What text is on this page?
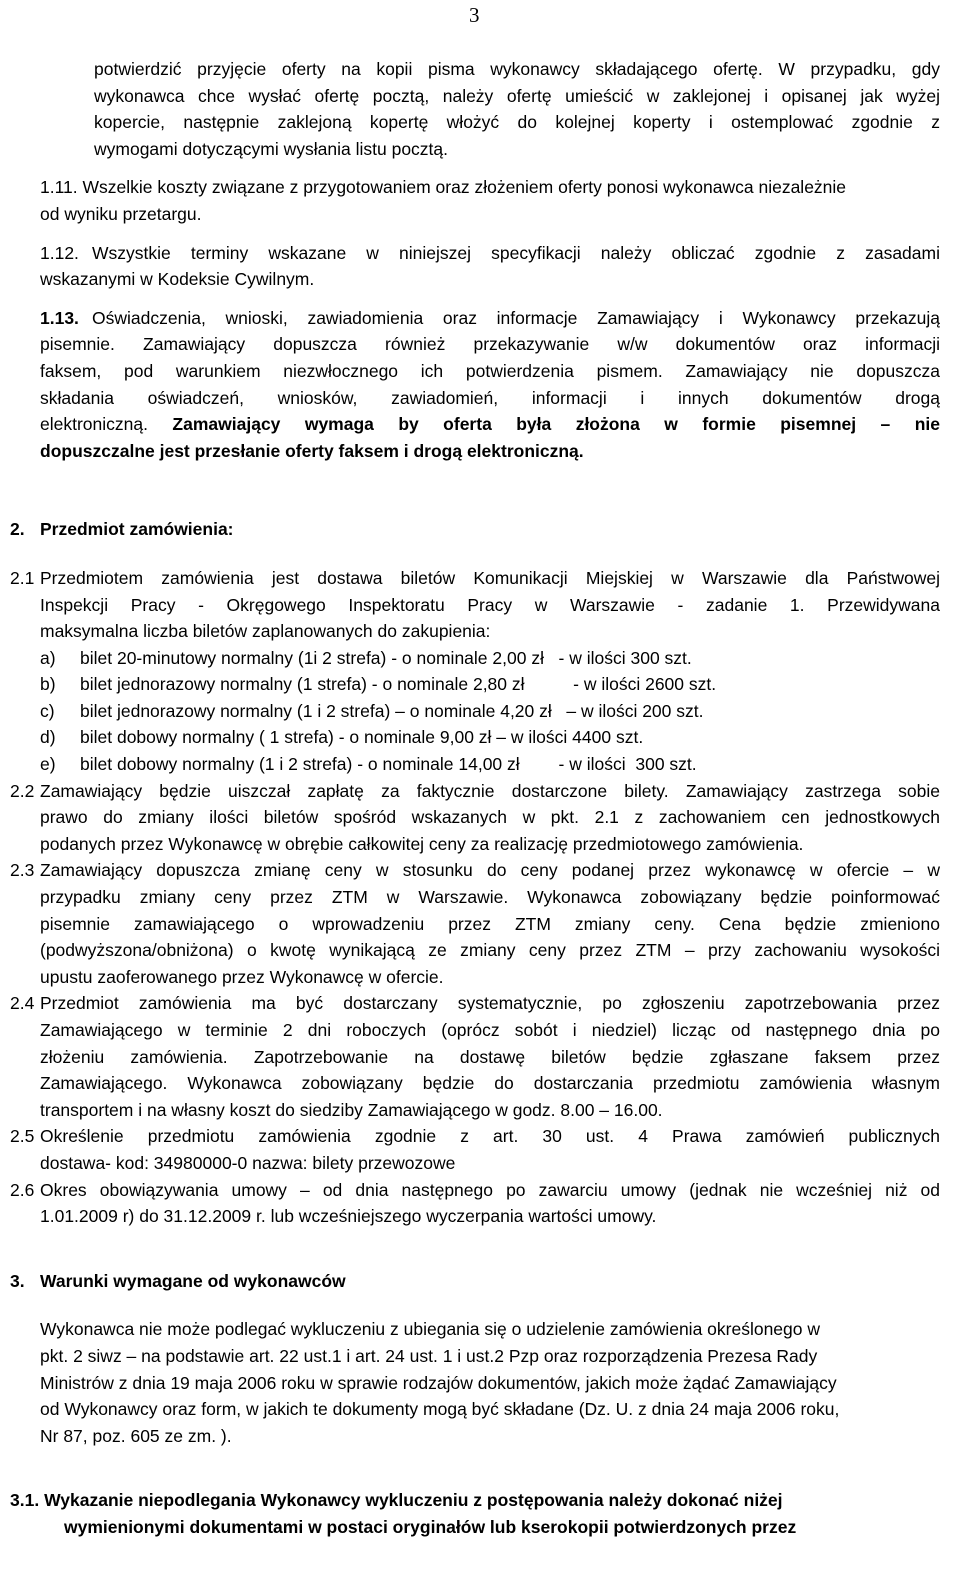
3
potwierdzić przyjęcie oferty na kopii pisma wykonawcy składającego ofertę. W przypadku, gdy
wykonawca chce wysłać ofertę pocztą, należy ofertę umieścić w zaklejonej i opisanej jak wyżej
kopercie, następnie zaklejoną kopertę włożyć do kolejnej koperty i ostemplować zgodnie z
wymogami dotyczącymi wysłania listu pocztą.
1.11. Wszelkie koszty związane z przygotowaniem oraz złożeniem oferty ponosi wykonawca niezależnie
od wyniku przetargu.
1.12. Wszystkie terminy wskazane w niniejszej specyfikacji należy obliczać zgodnie z zasadami
wskazanymi w Kodeksie Cywilnym.
1.13. Oświadczenia, wnioski, zawiadomienia oraz informacje Zamawiający i Wykonawcy przekazują
pisemnie. Zamawiający dopuszcza również przekazywanie w/w dokumentów oraz informacji
faksem, pod warunkiem niezwłocznego ich potwierdzenia pismem. Zamawiający nie dopuszcza
składania oświadczeń, wniosków, zawiadomień, informacji i innych dokumentów drogą
elektroniczną. Zamawiający wymaga by oferta była złożona w formie pisemnej – nie
dopuszczalne jest przesłanie oferty faksem i drogą elektroniczną.
2. Przedmiot zamówienia:
2.1 Przedmiotem zamówienia jest dostawa biletów Komunikacji Miejskiej w Warszawie dla Państwowej
Inspekcji Pracy - Okręgowego Inspektoratu Pracy w Warszawie - zadanie 1. Przewidywana
maksymalna liczba biletów zaplanowanych do zakupienia:
a) bilet 20-minutowy normalny (1i 2 strefa) - o nominale 2,00 zł   - w ilości 300 szt.
b) bilet jednorazowy normalny (1 strefa) - o nominale 2,80 zł          - w ilości 2600 szt.
c) bilet jednorazowy normalny (1 i 2 strefa) – o nominale 4,20 zł   – w ilości 200 szt.
d) bilet dobowy normalny ( 1 strefa) - o nominale 9,00 zł – w ilości 4400 szt.
e) bilet dobowy normalny (1 i 2 strefa) - o nominale 14,00 zł        - w ilości  300 szt.
2.2 Zamawiający będzie uiszczał zapłatę za faktycznie dostarczone bilety. Zamawiający zastrzega sobie
prawo do zmiany ilości biletów spośród wskazanych w pkt. 2.1 z zachowaniem cen jednostkowych
podanych przez Wykonawcę w obrębie całkowitej ceny za realizację przedmiotowego zamówienia.
2.3 Zamawiający dopuszcza zmianę ceny w stosunku do ceny podanej przez wykonawcę w ofercie – w
przypadku zmiany ceny przez ZTM w Warszawie. Wykonawca zobowiązany będzie poinformować
pisemnie zamawiającego o wprowadzeniu przez ZTM zmiany ceny. Cena będzie zmieniono
(podwyższona/obniżona) o kwotę wynikającą ze zmiany ceny przez ZTM – przy zachowaniu wysokości
upustu zaoferowanego przez Wykonawcę w ofercie.
2.4 Przedmiot zamówienia ma być dostarczany systematycznie, po zgłoszeniu zapotrzebowania przez
Zamawiającego w terminie 2 dni roboczych (oprócz sobót i niedziel) licząc od następnego dnia po
złożeniu zamówienia. Zapotrzebowanie na dostawę biletów będzie zgłaszane faksem przez
Zamawiającego. Wykonawca zobowiązany będzie do dostarczania przedmiotu zamówienia własnym
transportem i na własny koszt do siedziby Zamawiającego w godz. 8.00 – 16.00.
2.5 Określenie przedmiotu zamówienia zgodnie z art. 30 ust. 4 Prawa zamówień publicznych
dostawa- kod: 34980000-0 nazwa: bilety przewozowe
2.6 Okres obowiązywania umowy – od dnia następnego po zawarciu umowy (jednak nie wcześniej niż od
1.01.2009 r) do 31.12.2009 r. lub wcześniejszego wyczerpania wartości umowy.
3. Warunki wymagane od wykonawców
Wykonawca nie może podlegać wykluczeniu z ubiegania się o udzielenie zamówienia określonego w
pkt. 2 siwz – na podstawie art. 22 ust.1 i art. 24 ust. 1 i ust.2 Pzp oraz rozporządzenia Prezesa Rady
Ministrów z dnia 19 maja 2006 roku w sprawie rodzajów dokumentów, jakich może żądać Zamawiający
od Wykonawcy oraz form, w jakich te dokumenty mogą być składane (Dz. U. z dnia 24 maja 2006 roku,
Nr 87, poz. 605 ze zm. ).
3.1. Wykazanie niepodlegania Wykonawcy wykluczeniu z postępowania należy dokonać niżej
wymienionymi dokumentami w postaci oryginałów lub kserokopii potwierdzonych przez
